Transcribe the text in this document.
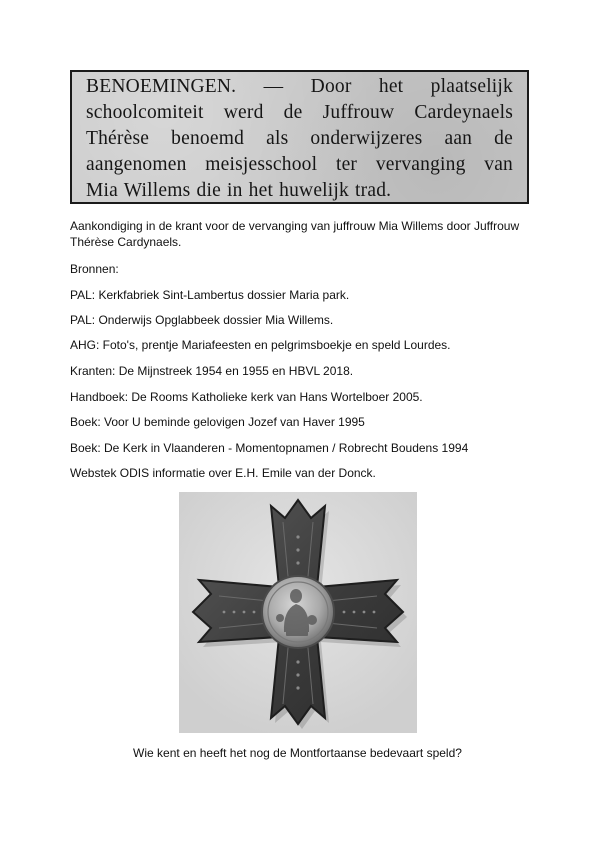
BENOEMINGEN. — Door het plaatselijk
schoolcomiteit werd de Juffrouw Cardeynaels
Thérèse benoemd als onderwijzeres aan de
aangenomen meisjesschool ter vervanging van
Mia Willems die in het huwelijk trad.
Aankondiging in de krant voor de vervanging van juffrouw Mia Willems door Juffrouw
Thérèse Cardynaels.
Bronnen:
PAL: Kerkfabriek Sint-Lambertus dossier Maria park.
PAL: Onderwijs Opglabbeek dossier Mia Willems.
AHG: Foto's, prentje Mariafeesten en pelgrimsboekje en speld Lourdes.
Kranten: De Mijnstreek 1954 en 1955 en HBVL 2018.
Handboek: De Rooms Katholieke kerk van Hans Wortelboer 2005.
Boek: Voor U beminde gelovigen Jozef van Haver 1995
Boek: De Kerk in Vlaanderen - Momentopnamen / Robrecht Boudens 1994
Webstek ODIS informatie over E.H. Emile van der Donck.
Wie kent en heeft het nog de Montfortaanse bedevaart speld?
